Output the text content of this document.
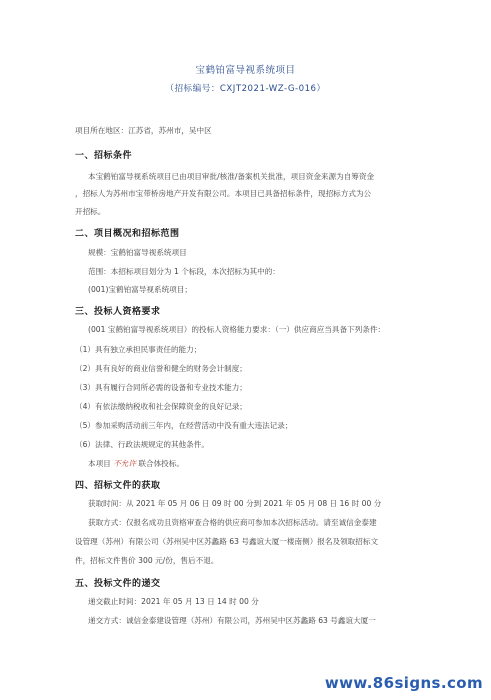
宝鹤铂富导视系统项目
（招标编号：CXJT2021-WZ-G-016）
项目所在地区：江苏省，苏州市，吴中区
一、招标条件
本宝鹤铂富导视系统项目已由项目审批/核准/备案机关批准，项目资金来源为自筹资金
，招标人为苏州市宝带桥房地产开发有限公司。本项目已具备招标条件，现招标方式为公
开招标。
二、项目概况和招标范围
规模：宝鹤铂富导视系统项目
范围：本招标项目划分为 1 个标段，本次招标为其中的：
(001)宝鹤铂富导视系统项目；
三、投标人资格要求
(001 宝鹤铂富导视系统项目）的投标人资格能力要求：（一）供应商应当具备下列条件：
（1）具有独立承担民事责任的能力；
（2）具有良好的商业信誉和健全的财务会计制度；
（3）具有履行合同所必需的设备和专业技术能力；
（4）有依法缴纳税收和社会保障资金的良好记录；
（5）参加采购活动前三年内，在经营活动中没有重大违法记录；
（6）法律、行政法规规定的其他条件。
本项目 不允许 联合体投标。
四、招标文件的获取
获取时间：从 2021 年 05 月 06 日 09 时 00 分到 2021 年 05 月 08 日 16 时 00 分
获取方式：仅报名成功且资格审查合格的供应商可参加本次招标活动。请至诚信金泰建
设管理（苏州）有限公司（苏州吴中区苏蠡路 63 号鑫谊大厦一楼南侧）报名及领取招标文
件，招标文件售价 300 元/份，售后不退。
五、投标文件的递交
递交截止时间：2021 年 05 月 13 日 14 时 00 分
递交方式：诚信金泰建设管理（苏州）有限公司，苏州吴中区苏蠡路 63 号鑫谊大厦一
www.86signs.com
